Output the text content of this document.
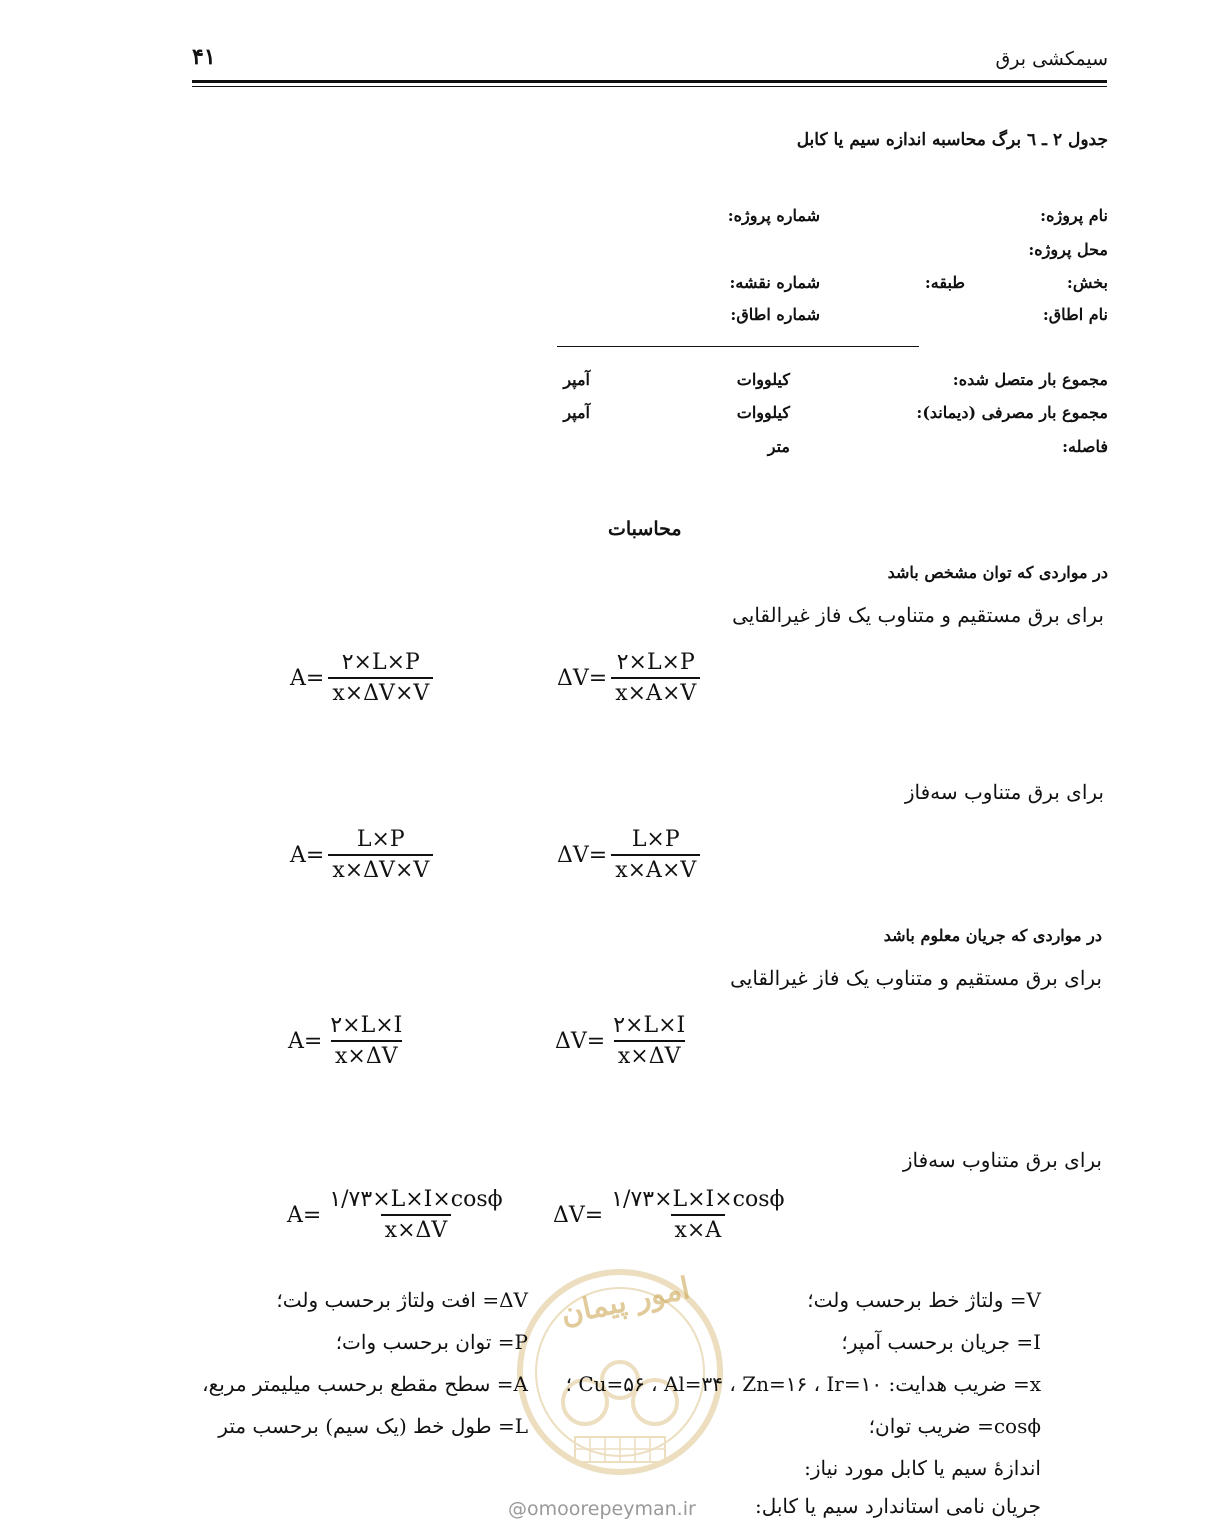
۴۱	سیمکشی برق
جدول ۲ ـ ٦ برگ محاسبه اندازه سیم یا کابل
نام پروژه:
شماره پروژه:
محل پروژه:
بخش:
طبقه:
شماره نقشه:
نام اطاق:
شماره اطاق:
مجموع بار متصل شده:
کیلووات
آمپر
مجموع بار مصرفی (دیماند):
کیلووات
آمپر
فاصله:
متر
محاسبات
در مواردی که توان مشخص باشد
برای برق مستقیم و متناوب یک فاز غیرالقایی
$A= \frac{۲\times L\times P}{x\times\Delta V\times V}$	$\Delta V= \frac{۲\times L\times P}{x\times A\times V}$
برای برق متناوب سه‌فاز
$A= \frac{L\times P}{x\times\Delta V\times V}$	$\Delta V= \frac{L\times P}{x\times A\times V}$
در مواردی که جریان معلوم باشد
برای برق مستقیم و متناوب یک فاز غیرالقایی
$A= \frac{۲\times L\times I}{x\times\Delta V}$	$\Delta V= \frac{۲\times L\times I}{x\times\Delta V}$
برای برق متناوب سه‌فاز
$A= \frac{۱/۷۳\times L\times I\times\cos\phi}{x\times\Delta V} \Delta V= \frac{۱/۷۳\times L\times I\times\cos\phi}{x\times A}$
امور پیمان
@omoorepeyman.ir
V= ولتاژ خط برحسب ولت؛
ΔV= افت ولتاژ برحسب ولت؛
I= جریان برحسب آمپر؛
P= توان برحسب وات؛
x= ضریب هدایت: Cu=۵۶ ، Al=۳۴ ، Zn=۱۶ ، Ir=۱۰ ؛
A= سطح مقطع برحسب میلیمتر مربع،
cosϕ= ضریب توان؛
L= طول خط (یک سیم) برحسب متر
اندازهٔ سیم یا کابل مورد نیاز:
جریان نامی استاندارد سیم یا کابل:
